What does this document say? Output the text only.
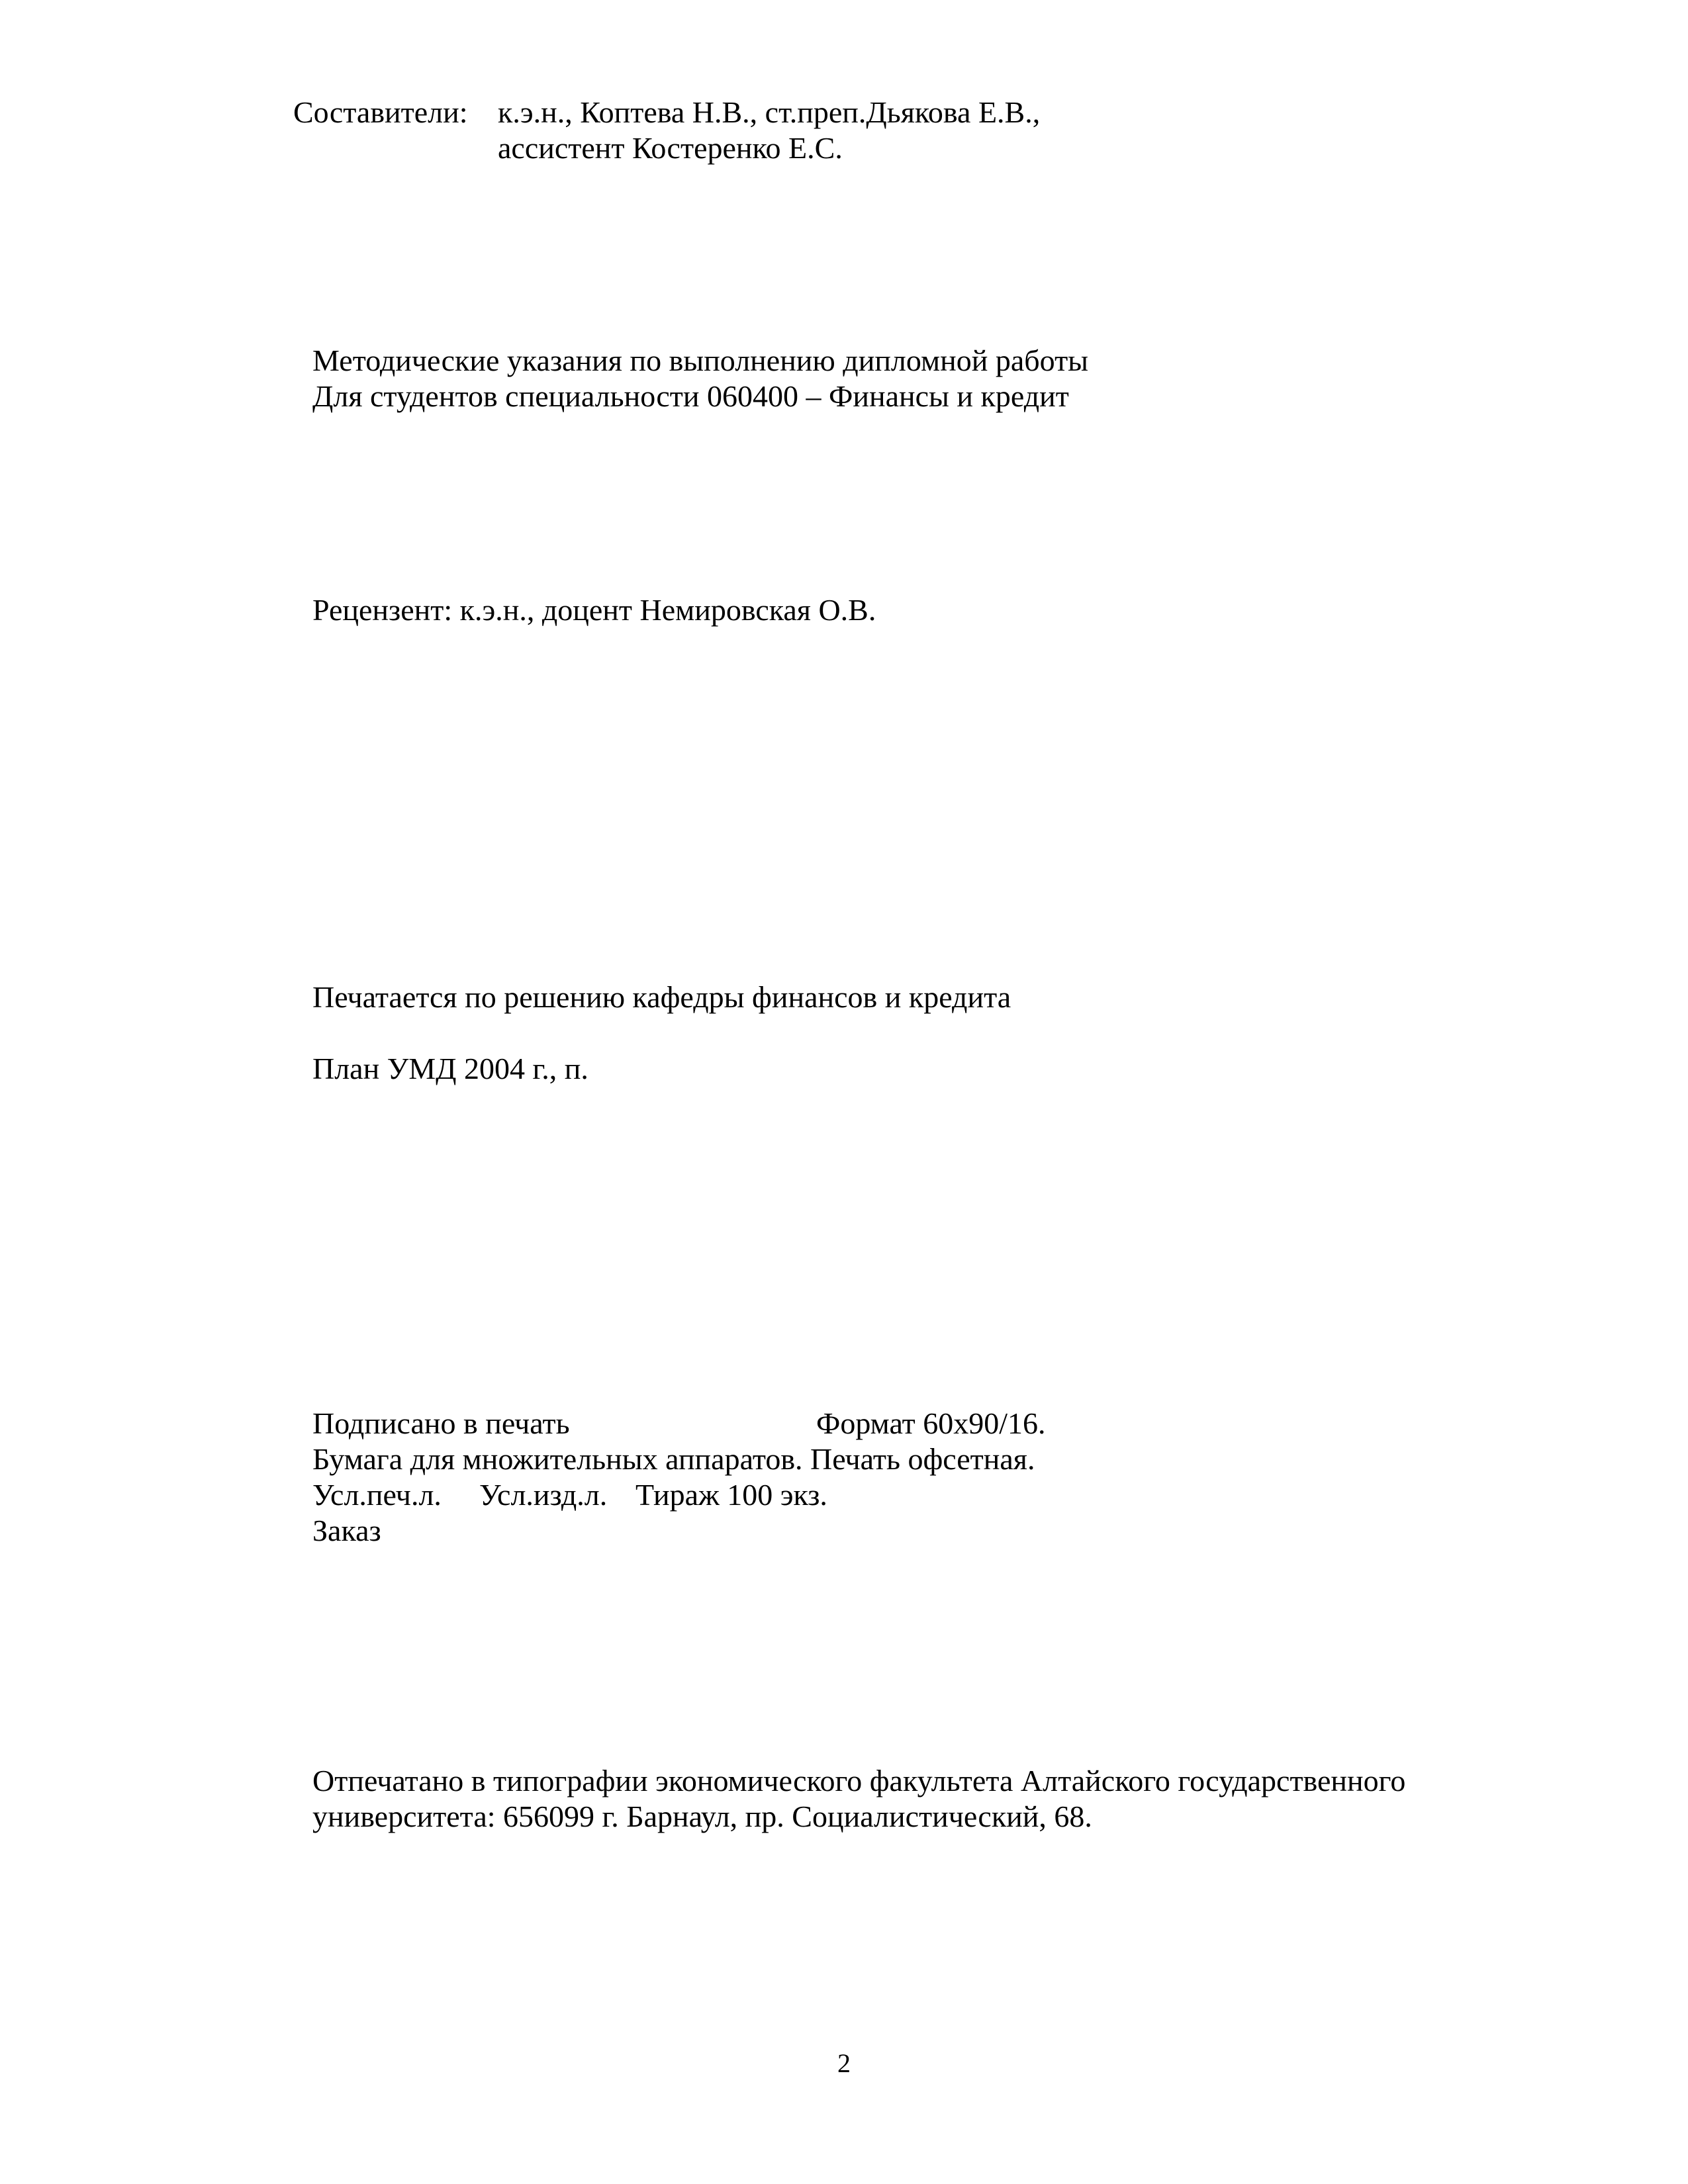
Составители: к.э.н., Коптева Н.В., ст.преп.Дьякова Е.В.,

ассистент Костеренко Е.С.

Методические указания по выполнению дипломной работы

Для студентов специальности 060400 – Финансы и кредит

Рецензент: к.э.н., доцент Немировская О.В.

Печатается по решению кафедры финансов и кредита

План УМД 2004 г., п.

Подписано в печать	Формат 60х90/16.

Бумага для множительных аппаратов. Печать офсетная.

Усл.печ.л. Усл.изд.л. Тираж 100 экз.

Заказ

Отпечатано в типографии экономического факультета Алтайского государственного

университета: 656099 г. Барнаул, пр. Социалистический, 68.

2
